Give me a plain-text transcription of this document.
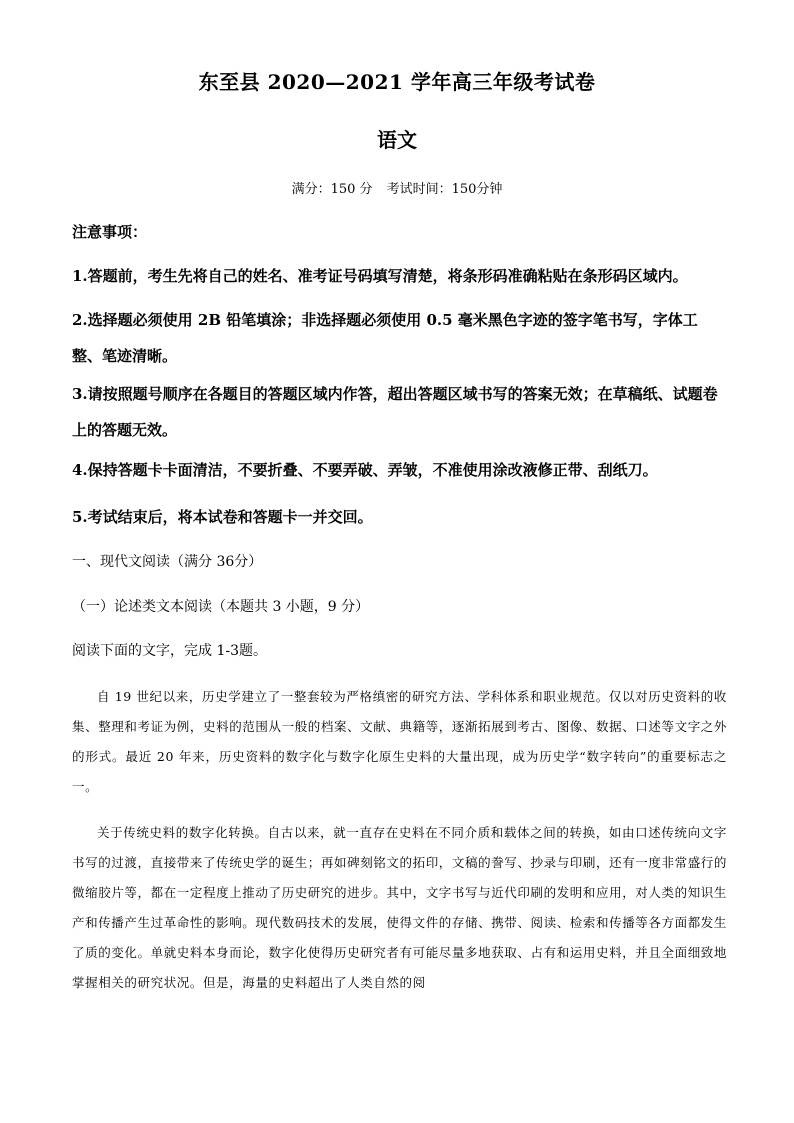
东至县 2020—2021 学年高三年级考试卷
语文
满分：150 分 考试时间：150分钟
注意事项：
1.答题前，考生先将自己的姓名、准考证号码填写清楚，将条形码准确粘贴在条形码区域内。
2.选择题必须使用 2B 铅笔填涂；非选择题必须使用 0.5 毫米黑色字迹的签字笔书写，字体工整、笔迹清晰。
3.请按照题号顺序在各题目的答题区域内作答，超出答题区域书写的答案无效；在草稿纸、试题卷上的答题无效。
4.保持答题卡卡面清洁，不要折叠、不要弄破、弄皱，不准使用涂改液修正带、刮纸刀。
5.考试结束后，将本试卷和答题卡一并交回。
一、现代文阅读（满分 36分）
（一）论述类文本阅读（本题共 3 小题，9 分）
阅读下面的文字，完成 1-3题。
自 19 世纪以来，历史学建立了一整套较为严格缜密的研究方法、学科体系和职业规范。仅以对历史资料的收集、整理和考证为例，史料的范围从一般的档案、文献、典籍等，逐渐拓展到考古、图像、数据、口述等文字之外的形式。最近 20 年来，历史资料的数字化与数字化原生史料的大量出现，成为历史学“数字转向”的重要标志之一。
关于传统史料的数字化转换。自古以来，就一直存在史料在不同介质和载体之间的转换，如由口述传统向文字书写的过渡，直接带来了传统史学的诞生；再如碑刻铭文的拓印，文稿的誊写、抄录与印刷，还有一度非常盛行的微缩胶片等，都在一定程度上推动了历史研究的进步。其中，文字书写与近代印刷的发明和应用，对人类的知识生产和传播产生过革命性的影响。现代数码技术的发展，使得文件的存储、携带、阅读、检索和传播等各方面都发生了质的变化。单就史料本身而论，数字化使得历史研究者有可能尽量多地获取、占有和运用史料，并且全面细致地掌握相关的研究状况。但是，海量的史料超出了人类自然的阅
